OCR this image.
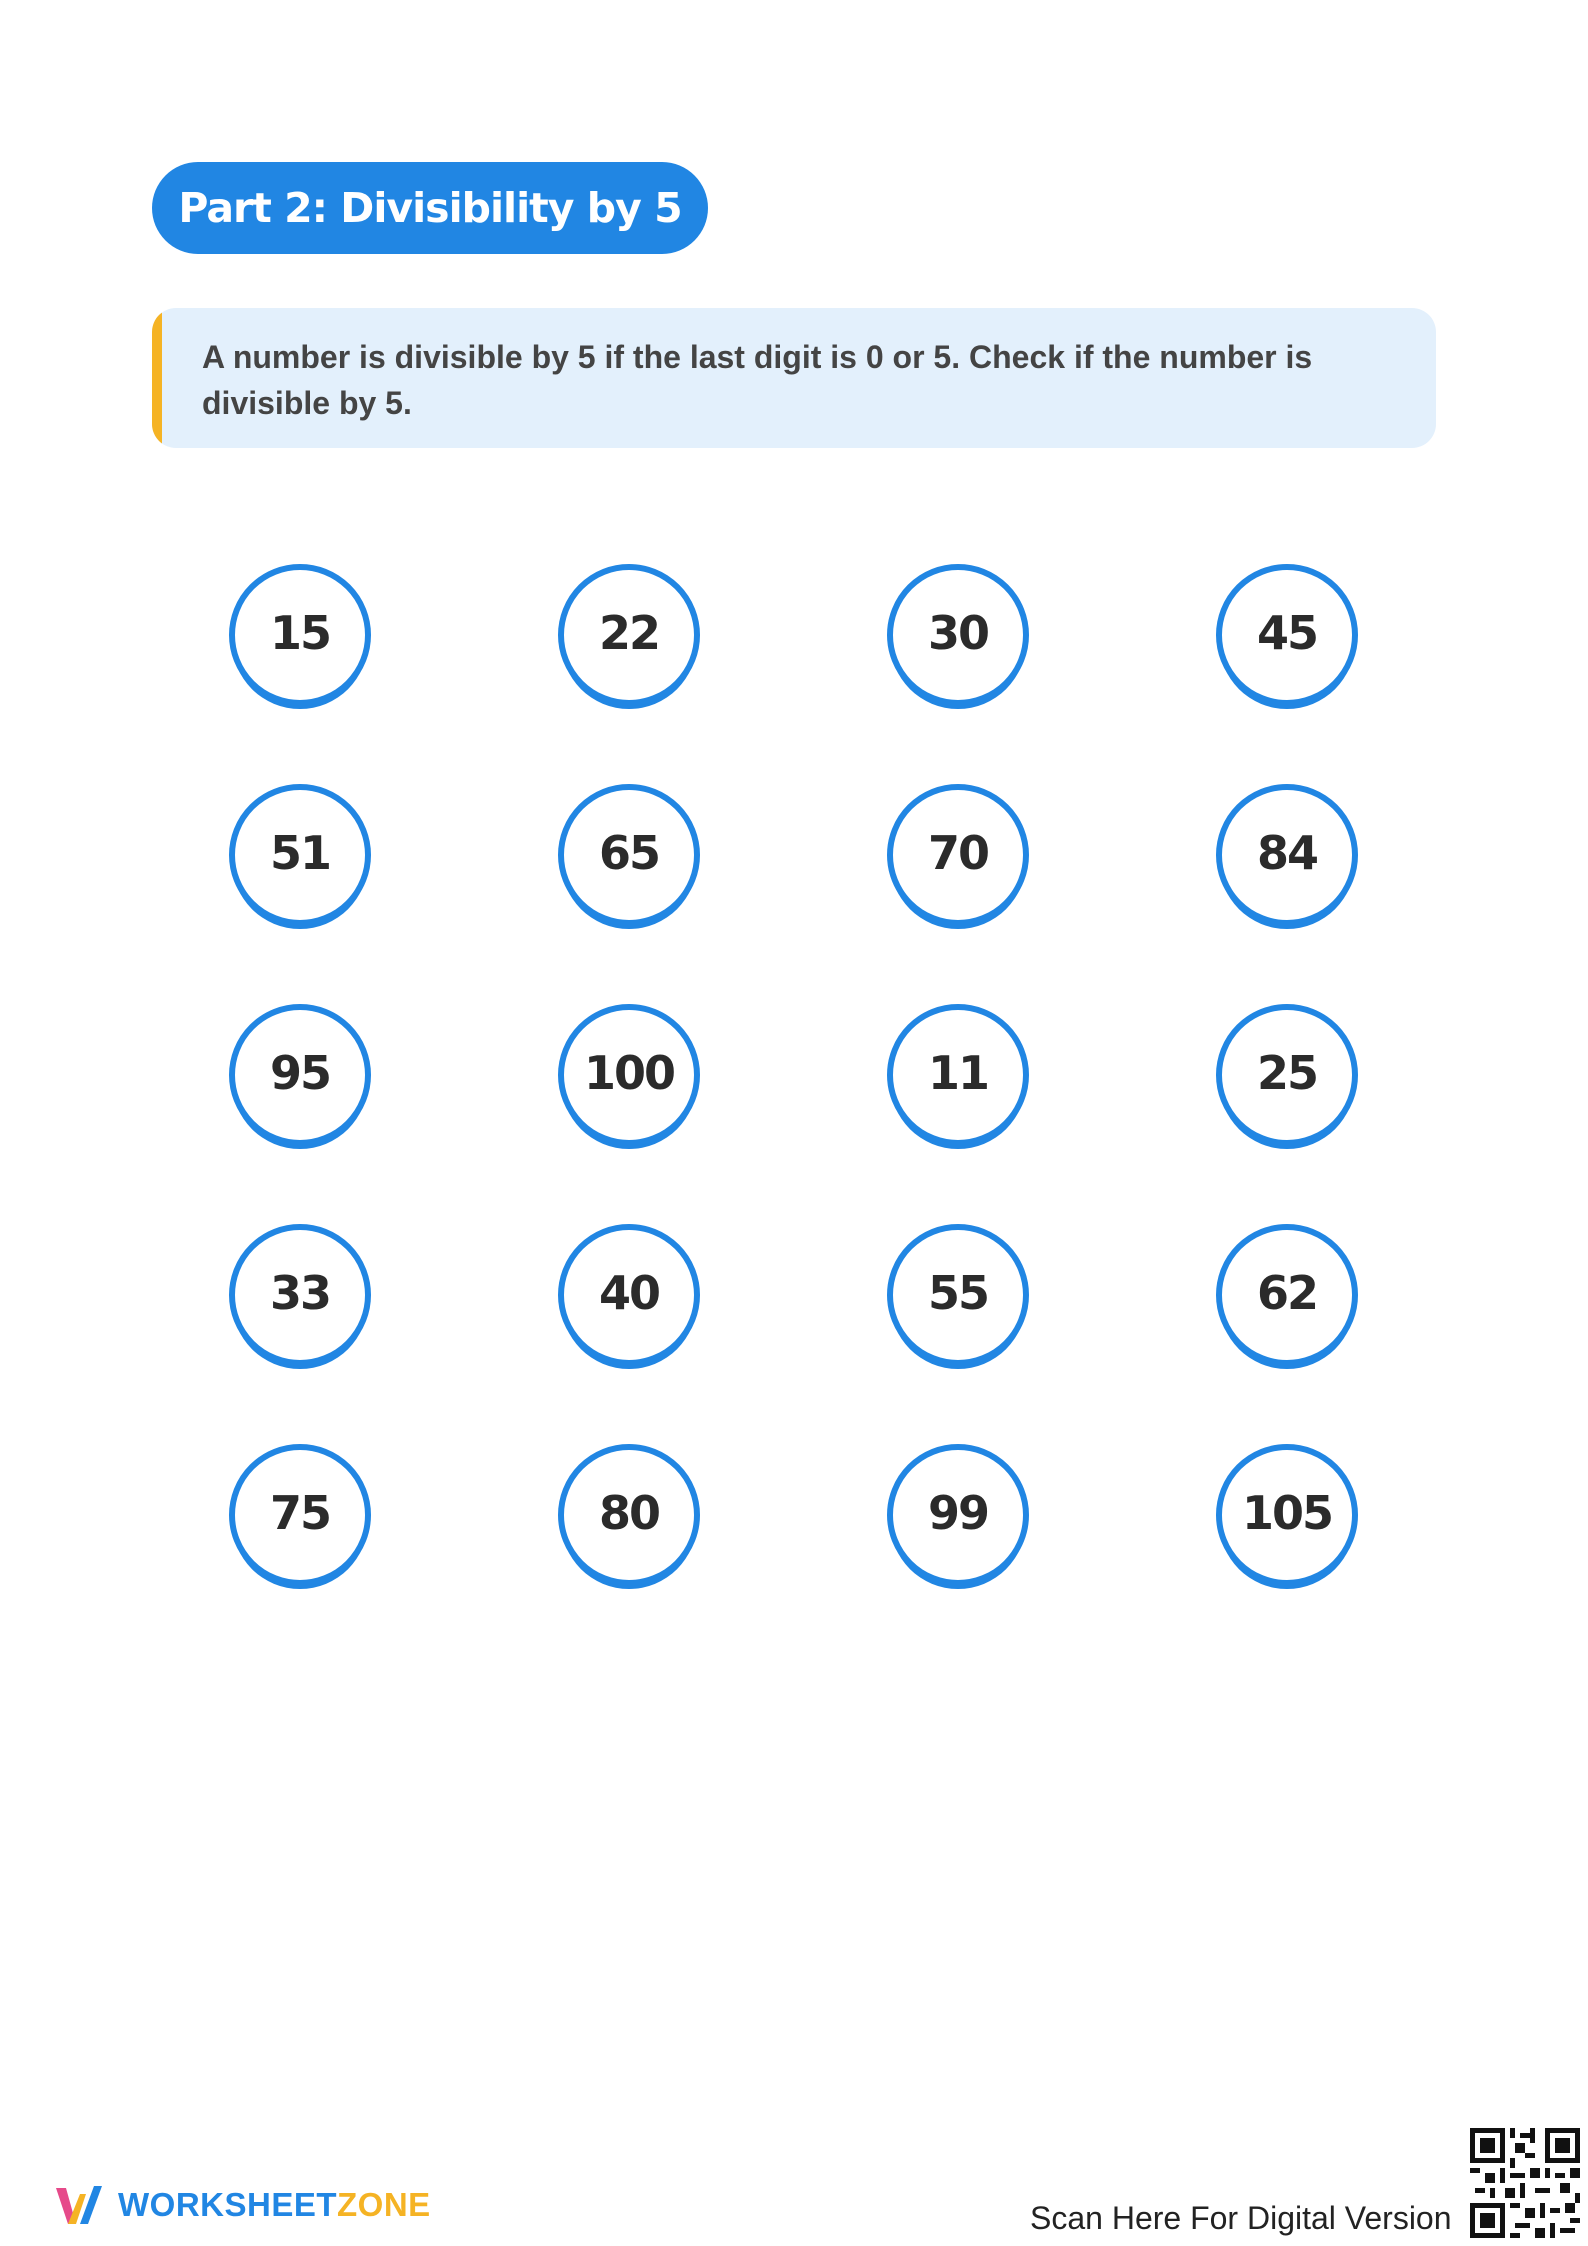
Part 2: Divisibility by 5

A number is divisible by 5 if the last digit is 0 or 5. Check if the number is divisible by 5.

15	22	30	45
51	65	70	84
95	100	11	25
33	40	55	62
75	80	99	105
WORKSHEETZONE	Scan Here For Digital Version
